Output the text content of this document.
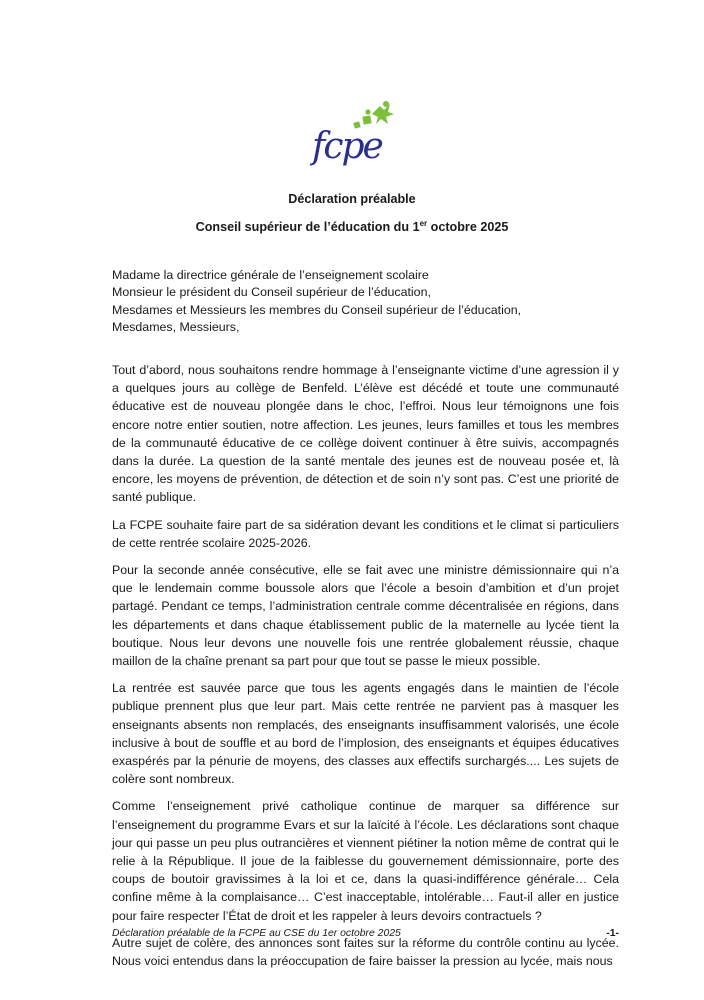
fcpe
Déclaration préalable
Conseil supérieur de l’éducation du 1er octobre 2025
Madame la directrice générale de l’enseignement scolaire
Monsieur le président du Conseil supérieur de l’éducation,
Mesdames et Messieurs les membres du Conseil supérieur de l’éducation,
Mesdames, Messieurs,

Tout d’abord, nous souhaitons rendre hommage à l’enseignante victime d’une agression il y a quelques jours au collège de Benfeld. L’élève est décédé et toute une communauté éducative est de nouveau plongée dans le choc, l’effroi. Nous leur témoignons une fois encore notre entier soutien, notre affection. Les jeunes, leurs familles et tous les membres de la communauté éducative de ce collège doivent continuer à être suivis, accompagnés dans la durée. La question de la santé mentale des jeunes est de nouveau posée et, là encore, les moyens de prévention, de détection et de soin n’y sont pas. C’est une priorité de santé publique.

La FCPE souhaite faire part de sa sidération devant les conditions et le climat si particuliers de cette rentrée scolaire 2025-2026.

Pour la seconde année consécutive, elle se fait avec une ministre démissionnaire qui n’a que le lendemain comme boussole alors que l’école a besoin d’ambition et d’un projet partagé. Pendant ce temps, l’administration centrale comme décentralisée en régions, dans les départements et dans chaque établissement public de la maternelle au lycée tient la boutique. Nous leur devons une nouvelle fois une rentrée globalement réussie, chaque maillon de la chaîne prenant sa part pour que tout se passe le mieux possible.

La rentrée est sauvée parce que tous les agents engagés dans le maintien de l’école publique prennent plus que leur part. Mais cette rentrée ne parvient pas à masquer les enseignants absents non remplacés, des enseignants insuffisamment valorisés, une école inclusive à bout de souffle et au bord de l’implosion, des enseignants et équipes éducatives exaspérés par la pénurie de moyens, des classes aux effectifs surchargés.... Les sujets de colère sont nombreux.

Comme l’enseignement privé catholique continue de marquer sa différence sur l’enseignement du programme Evars et sur la laïcité à l’école. Les déclarations sont chaque jour qui passe un peu plus outrancières et viennent piétiner la notion même de contrat qui le relie à la République. Il joue de la faiblesse du gouvernement démissionnaire, porte des coups de boutoir gravissimes à la loi et ce, dans la quasi-indifférence générale… Cela confine même à la complaisance… C’est inacceptable, intolérable… Faut-il aller en justice pour faire respecter l’État de droit et les rappeler à leurs devoirs contractuels ?

Autre sujet de colère, des annonces sont faites sur la réforme du contrôle continu au lycée. Nous voici entendus dans la préoccupation de faire baisser la pression au lycée, mais nous

Déclaration préalable de la FCPE au CSE du 1er octobre 2025	-1-
